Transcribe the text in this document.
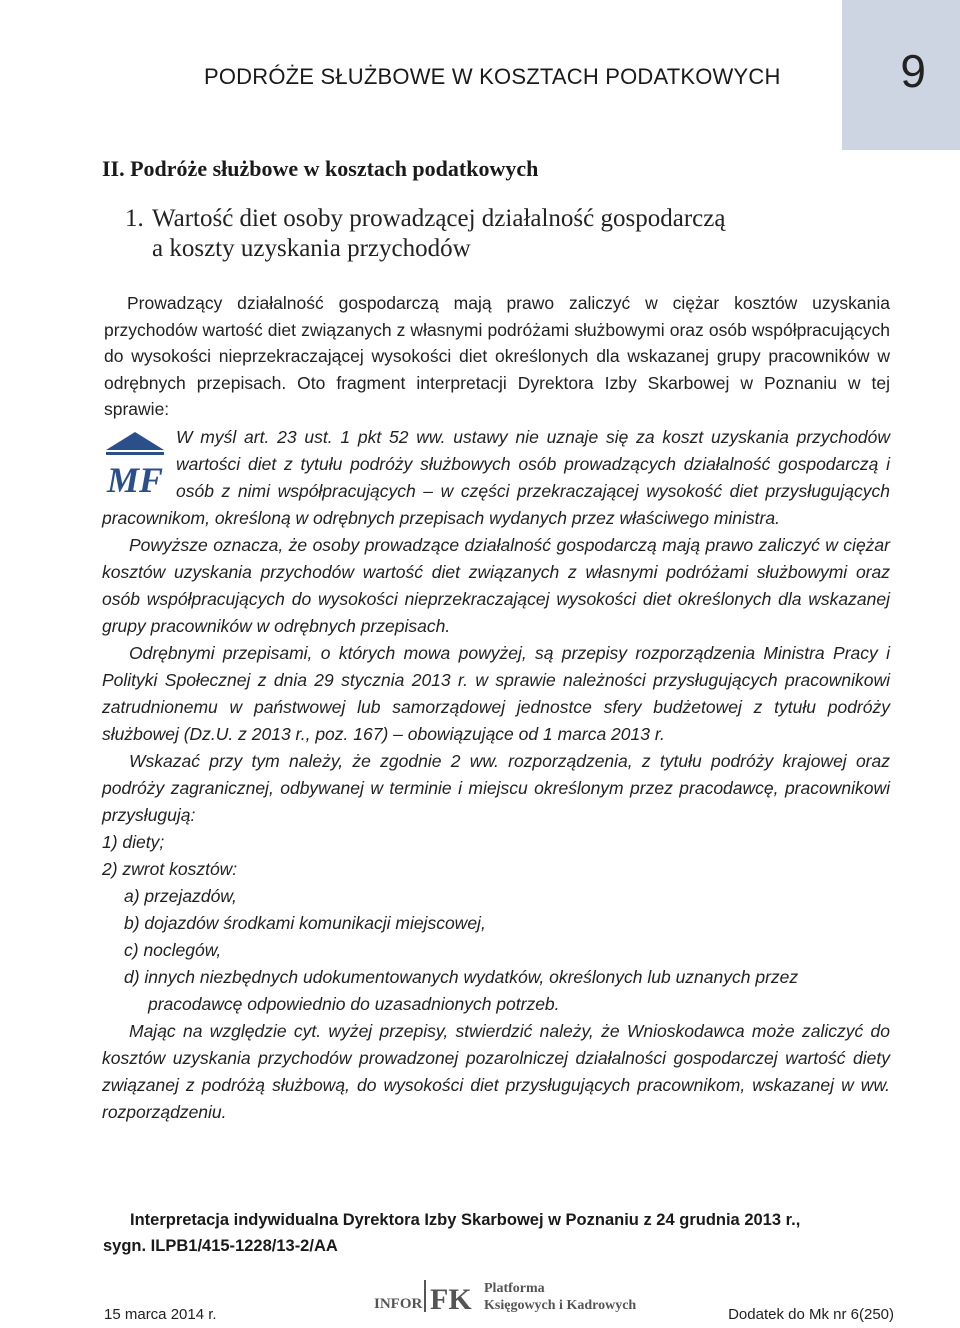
9
PODRÓŻE SŁUŻBOWE W KOSZTACH PODATKOWYCH
II. Podróże służbowe w kosztach podatkowych
1. Wartość diet osoby prowadzącej działalność gospodarczą
a koszty uzyskania przychodów
Prowadzący działalność gospodarczą mają prawo zaliczyć w ciężar kosztów uzyskania przychodów wartość diet związanych z własnymi podróżami służbowymi oraz osób współpracujących do wysokości nieprzekraczającej wysokości diet określonych dla wskazanej grupy pracowników w odrębnych przepisach. Oto fragment interpretacji Dyrektora Izby Skarbowej w Poznaniu w tej sprawie:
MF

W myśl art. 23 ust. 1 pkt 52 ww. ustawy nie uznaje się za koszt uzyskania przychodów wartości diet z tytułu podróży służbowych osób prowadzących działalność gospodarczą i osób z nimi współpracujących – w części przekraczającej wysokość diet przysługujących pracownikom, określoną w odrębnych przepisach wydanych przez właściwego ministra.

Powyższe oznacza, że osoby prowadzące działalność gospodarczą mają prawo zaliczyć w ciężar kosztów uzyskania przychodów wartość diet związanych z własnymi podróżami służbowymi oraz osób współpracujących do wysokości nieprzekraczającej wysokości diet określonych dla wskazanej grupy pracowników w odrębnych przepisach.

Odrębnymi przepisami, o których mowa powyżej, są przepisy rozporządzenia Ministra Pracy i Polityki Społecznej z dnia 29 stycznia 2013 r. w sprawie należności przysługujących pracownikowi zatrudnionemu w państwowej lub samorządowej jednostce sfery budżetowej z tytułu podróży służbowej (Dz.U. z 2013 r., poz. 167) – obowiązujące od 1 marca 2013 r.

Wskazać przy tym należy, że zgodnie 2 ww. rozporządzenia, z tytułu podróży krajowej oraz podróży zagranicznej, odbywanej w terminie i miejscu określonym przez pracodawcę, pracownikowi przysługują:

1) diety;

2) zwrot kosztów:

a) przejazdów,

b) dojazdów środkami komunikacji miejscowej,

c) noclegów,

d) innych niezbędnych udokumentowanych wydatków, określonych lub uznanych przez

pracodawcę odpowiednio do uzasadnionych potrzeb.

Mając na względzie cyt. wyżej przepisy, stwierdzić należy, że Wnioskodawca może zaliczyć do kosztów uzyskania przychodów prowadzonej pozarolniczej działalności gospodarczej wartość diety związanej z podróżą służbową, do wysokości diet przysługujących pracownikom, wskazanej w ww. rozporządzeniu.

Interpretacja indywidualna Dyrektora Izby Skarbowej w Poznaniu z 24 grudnia 2013 r.,
sygn. ILPB1/415-1228/13-2/AA
INFOR FK Platforma
Księgowych i Kadrowych
15 marca 2014 r.	Dodatek do Mk nr 6(250)
